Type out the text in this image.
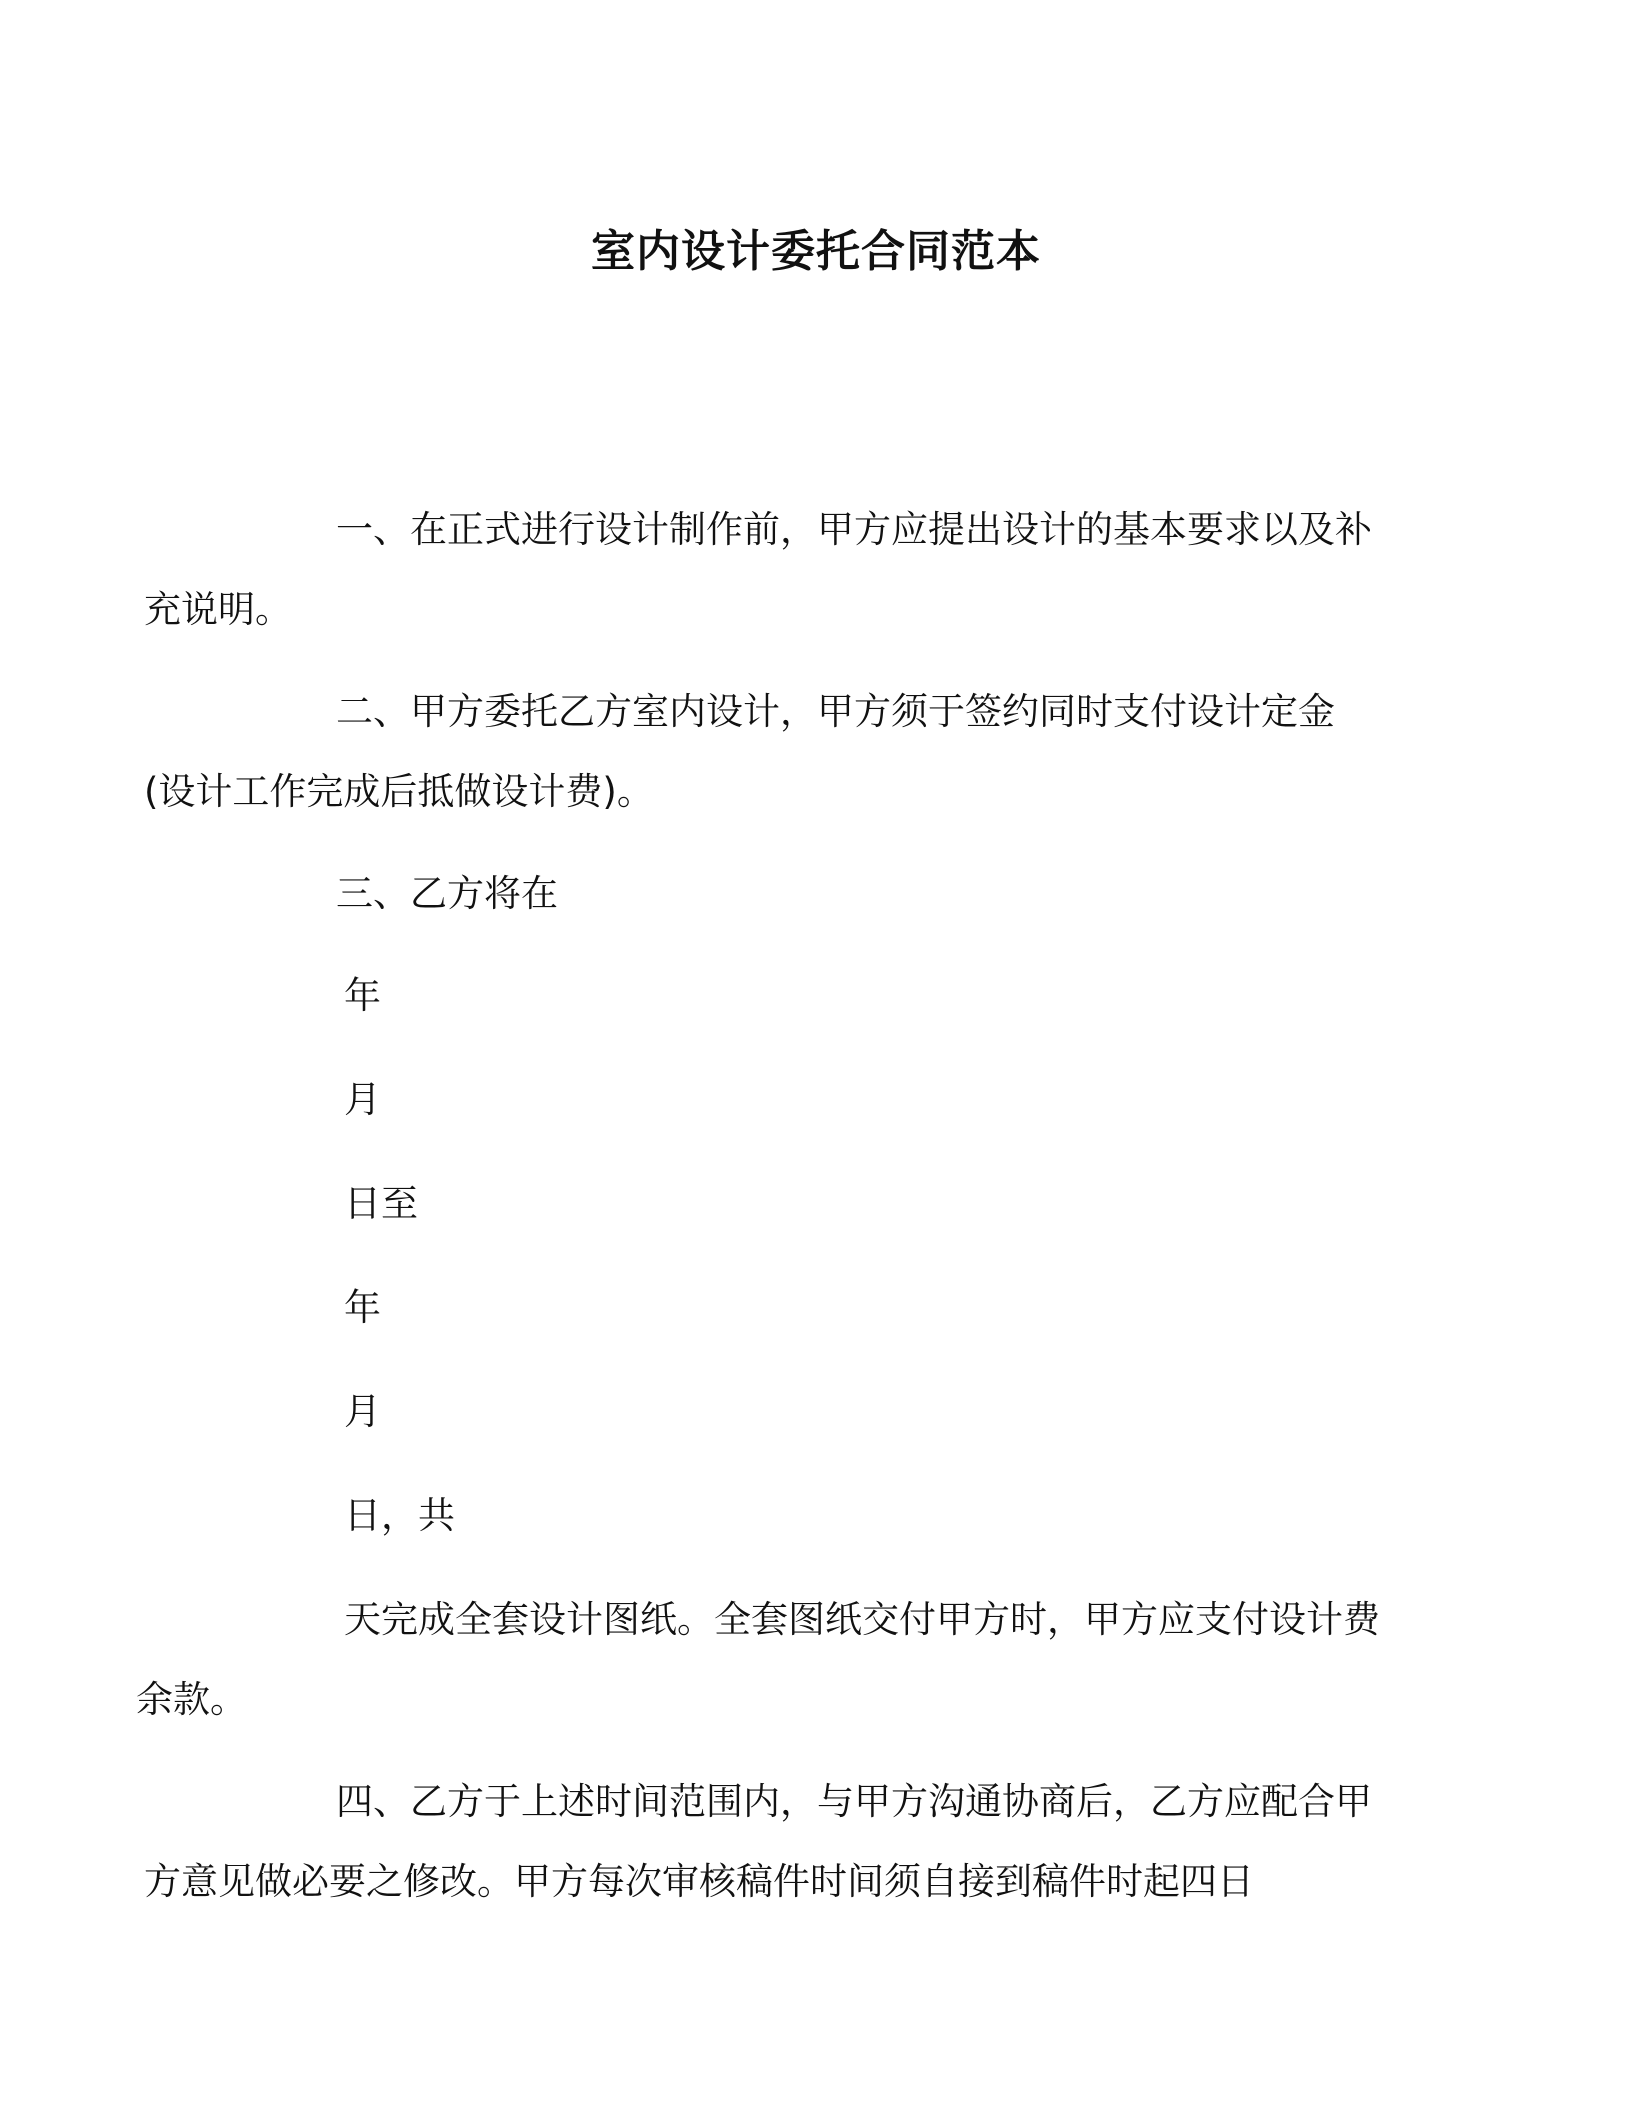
室内设计委托合同范本

一、在正式进行设计制作前，甲方应提出设计的基本要求以及补
充说明。

二、甲方委托乙方室内设计，甲方须于签约同时支付设计定金
(设计工作完成后抵做设计费)。

三、乙方将在

年
月
日至
年
月
日，共

天完成全套设计图纸。全套图纸交付甲方时，甲方应支付设计费
余款。

四、乙方于上述时间范围内，与甲方沟通协商后，乙方应配合甲
方意见做必要之修改。甲方每次审核稿件时间须自接到稿件时起四日
